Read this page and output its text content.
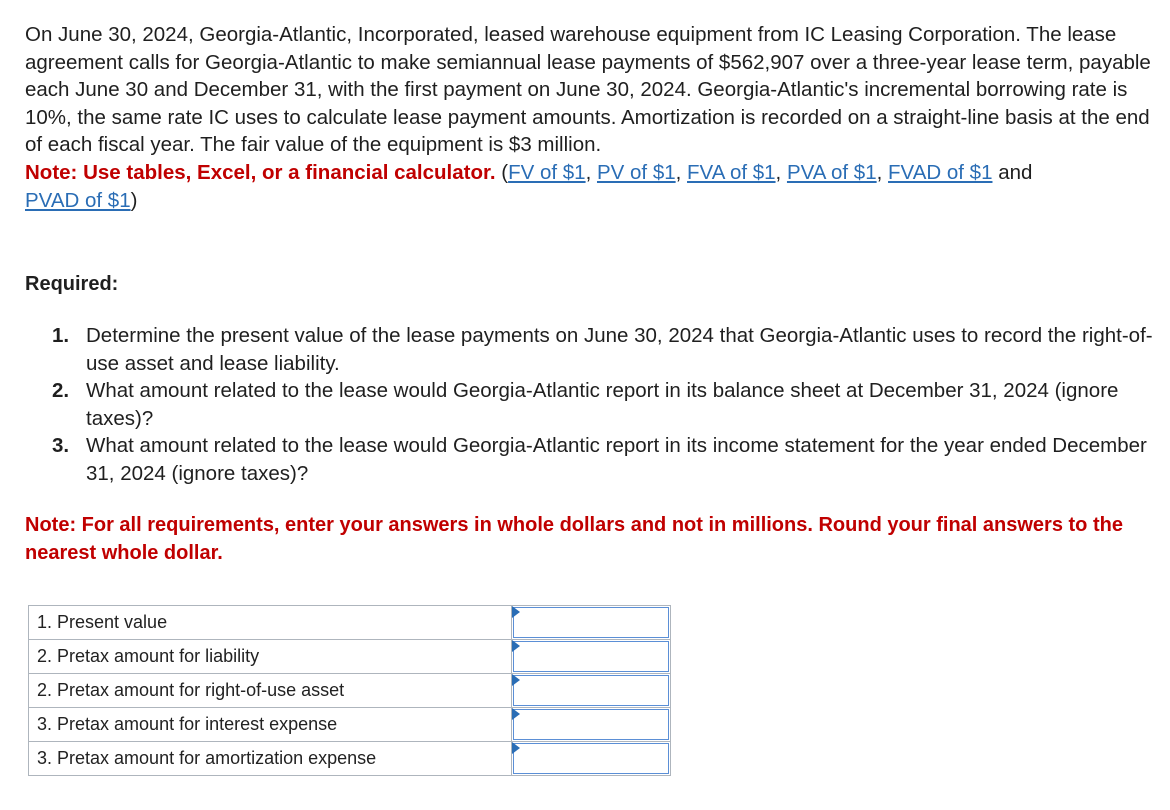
On June 30, 2024, Georgia-Atlantic, Incorporated, leased warehouse equipment from IC Leasing Corporation. The lease agreement calls for Georgia-Atlantic to make semiannual lease payments of $562,907 over a three-year lease term, payable each June 30 and December 31, with the first payment on June 30, 2024. Georgia-Atlantic's incremental borrowing rate is 10%, the same rate IC uses to calculate lease payment amounts. Amortization is recorded on a straight-line basis at the end of each fiscal year. The fair value of the equipment is $3 million.
Note: Use tables, Excel, or a financial calculator. (FV of $1, PV of $1, FVA of $1, PVA of $1, FVAD of $1 and
PVAD of $1)

Required:

1. Determine the present value of the lease payments on June 30, 2024 that Georgia-Atlantic uses to record the right-of-use asset and lease liability.
2. What amount related to the lease would Georgia-Atlantic report in its balance sheet at December 31, 2024 (ignore taxes)?
3. What amount related to the lease would Georgia-Atlantic report in its income statement for the year ended December 31, 2024 (ignore taxes)?

Note: For all requirements, enter your answers in whole dollars and not in millions. Round your final answers to the nearest whole dollar.

1. Present value	

2. Pretax amount for liability	

2. Pretax amount for right-of-use asset	

3. Pretax amount for interest expense	

3. Pretax amount for amortization expense	
